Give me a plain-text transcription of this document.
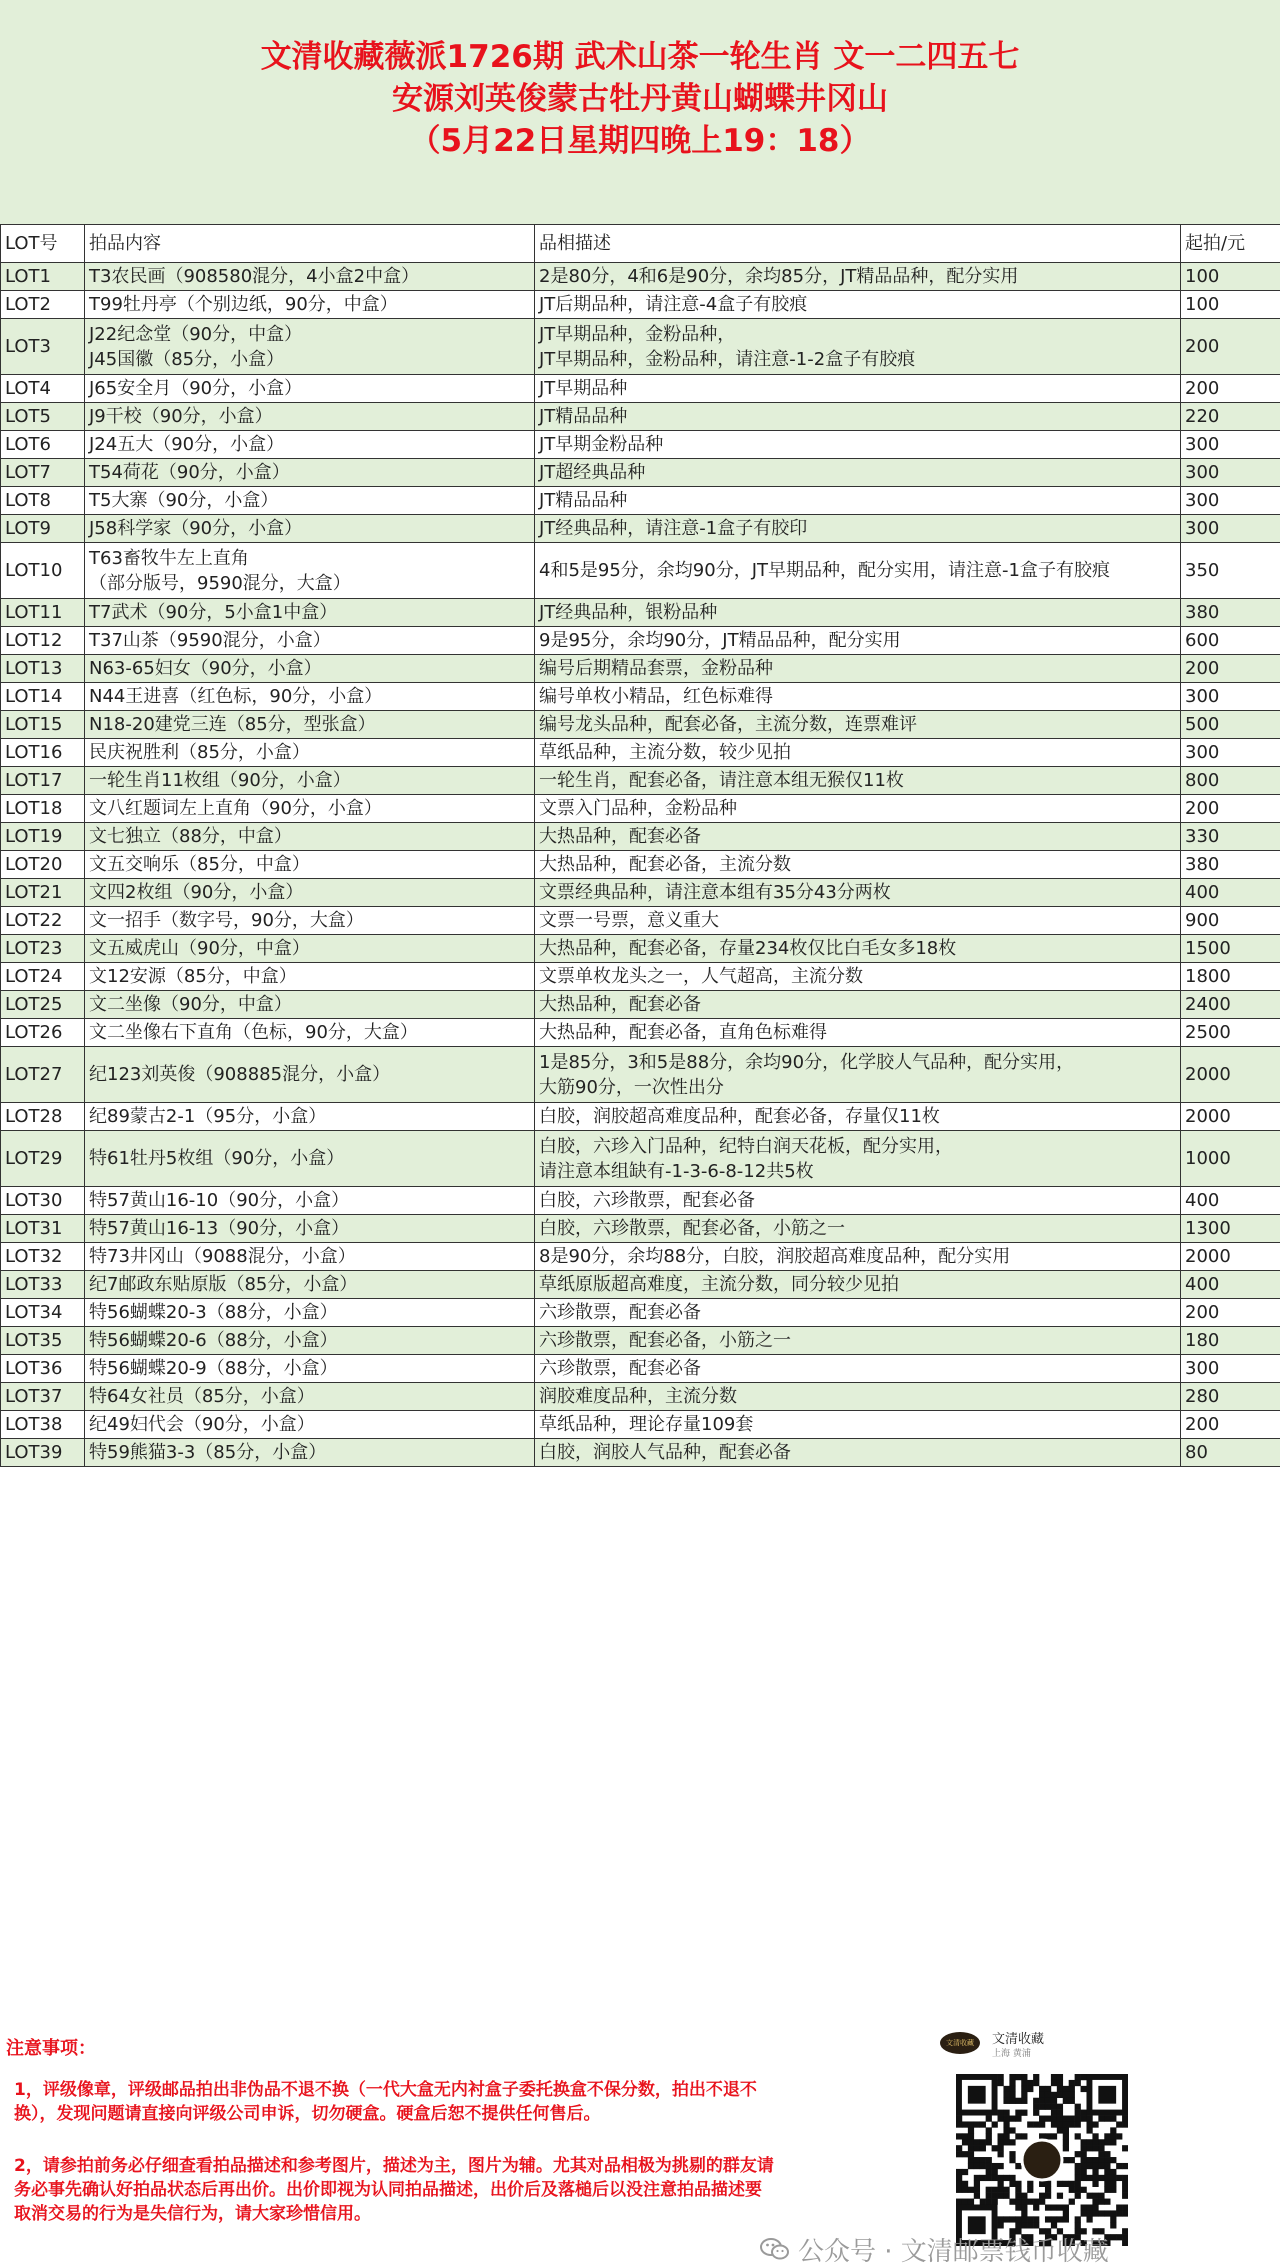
文清收藏薇派1726期 武术山茶一轮生肖 文一二四五七
安源刘英俊蒙古牡丹黄山蝴蝶井冈山
（5月22日星期四晚上19：18）
LOT号	拍品内容	品相描述	起拍/元
LOT1	T3农民画（908580混分，4小盒2中盒）	2是80分，4和6是90分，余均85分，JT精品品种，配分实用	100
LOT2	T99牡丹亭（个别边纸，90分，中盒）	JT后期品种，请注意-4盒子有胶痕	100
LOT3	J22纪念堂（90分，中盒）
J45国徽（85分，小盒）	JT早期品种，金粉品种，
JT早期品种，金粉品种，请注意-1-2盒子有胶痕	200
LOT4	J65安全月（90分，小盒）	JT早期品种	200
LOT5	J9干校（90分，小盒）	JT精品品种	220
LOT6	J24五大（90分，小盒）	JT早期金粉品种	300
LOT7	T54荷花（90分，小盒）	JT超经典品种	300
LOT8	T5大寨（90分，小盒）	JT精品品种	300
LOT9	J58科学家（90分，小盒）	JT经典品种，请注意-1盒子有胶印	300
LOT10	T63畜牧牛左上直角
（部分版号，9590混分，大盒）	4和5是95分，余均90分，JT早期品种，配分实用，请注意-1盒子有胶痕	350
LOT11	T7武术（90分，5小盒1中盒）	JT经典品种，银粉品种	380
LOT12	T37山茶（9590混分，小盒）	9是95分，余均90分，JT精品品种，配分实用	600
LOT13	N63-65妇女（90分，小盒）	编号后期精品套票，金粉品种	200
LOT14	N44王进喜（红色标，90分，小盒）	编号单枚小精品，红色标难得	300
LOT15	N18-20建党三连（85分，型张盒）	编号龙头品种，配套必备，主流分数，连票难评	500
LOT16	民庆祝胜利（85分，小盒）	草纸品种，主流分数，较少见拍	300
LOT17	一轮生肖11枚组（90分，小盒）	一轮生肖，配套必备，请注意本组无猴仅11枚	800
LOT18	文八红题词左上直角（90分，小盒）	文票入门品种，金粉品种	200
LOT19	文七独立（88分，中盒）	大热品种，配套必备	330
LOT20	文五交响乐（85分，中盒）	大热品种，配套必备，主流分数	380
LOT21	文四2枚组（90分，小盒）	文票经典品种，请注意本组有35分43分两枚	400
LOT22	文一招手（数字号，90分，大盒）	文票一号票，意义重大	900
LOT23	文五威虎山（90分，中盒）	大热品种，配套必备，存量234枚仅比白毛女多18枚	1500
LOT24	文12安源（85分，中盒）	文票单枚龙头之一，人气超高，主流分数	1800
LOT25	文二坐像（90分，中盒）	大热品种，配套必备	2400
LOT26	文二坐像右下直角（色标，90分，大盒）	大热品种，配套必备，直角色标难得	2500
LOT27	纪123刘英俊（908885混分，小盒）	1是85分，3和5是88分，余均90分，化学胶人气品种，配分实用，
大筋90分，一次性出分	2000
LOT28	纪89蒙古2-1（95分，小盒）	白胶，润胶超高难度品种，配套必备，存量仅11枚	2000
LOT29	特61牡丹5枚组（90分，小盒）	白胶，六珍入门品种，纪特白润天花板，配分实用，
请注意本组缺有-1-3-6-8-12共5枚	1000
LOT30	特57黄山16-10（90分，小盒）	白胶，六珍散票，配套必备	400
LOT31	特57黄山16-13（90分，小盒）	白胶，六珍散票，配套必备，小筋之一	1300
LOT32	特73井冈山（9088混分，小盒）	8是90分，余均88分，白胶，润胶超高难度品种，配分实用	2000
LOT33	纪7邮政东贴原版（85分，小盒）	草纸原版超高难度，主流分数，同分较少见拍	400
LOT34	特56蝴蝶20-3（88分，小盒）	六珍散票，配套必备	200
LOT35	特56蝴蝶20-6（88分，小盒）	六珍散票，配套必备，小筋之一	180
LOT36	特56蝴蝶20-9（88分，小盒）	六珍散票，配套必备	300
LOT37	特64女社员（85分，小盒）	润胶难度品种，主流分数	280
LOT38	纪49妇代会（90分，小盒）	草纸品种，理论存量109套	200
LOT39	特59熊猫3-3（85分，小盒）	白胶，润胶人气品种，配套必备	80
注意事项：
1，评级像章，评级邮品拍出非伪品不退不换（一代大盒无内衬盒子委托换盒不保分数，拍出不退不换），发现问题请直接向评级公司申诉，切勿硬盒。硬盒后恕不提供任何售后。
2，请参拍前务必仔细查看拍品描述和参考图片，描述为主，图片为辅。尤其对品相极为挑剔的群友请务必事先确认好拍品状态后再出价。出价即视为认同拍品描述，出价后及落槌后以没注意拍品描述要取消交易的行为是失信行为，请大家珍惜信用。
文清收藏 文清收藏
上海 黄浦
公众号 · 文清邮票钱币收藏
